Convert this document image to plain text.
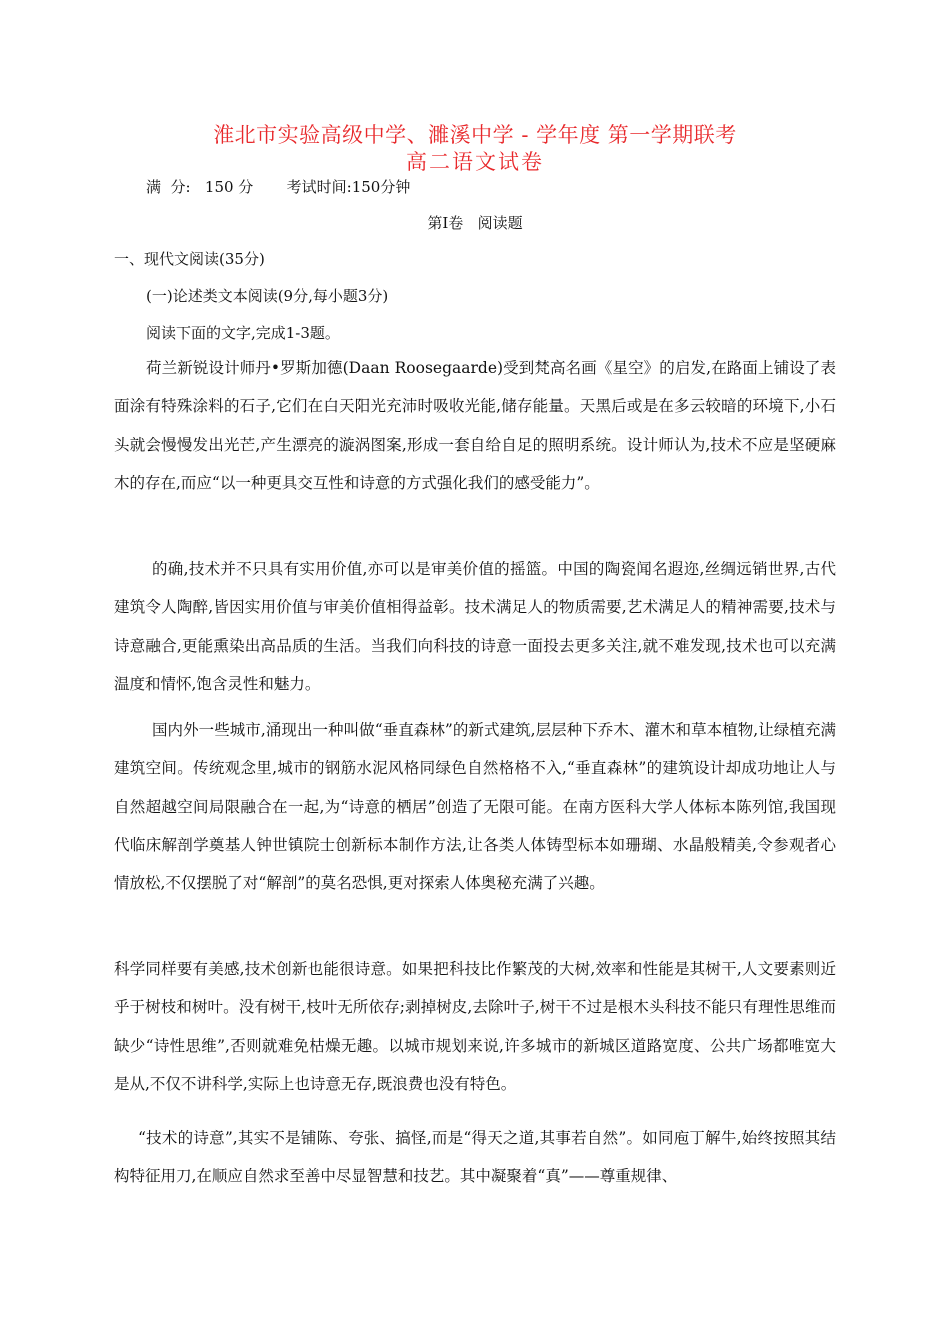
淮北市实验高级中学、濉溪中学 - 学年度 第一学期联考
高二语文试卷
满  分:   150 分       考试时间:150分钟
第Ⅰ卷   阅读题
一、现代文阅读(35分)
(一)论述类文本阅读(9分,每小题3分)
阅读下面的文字,完成1-3题。

荷兰新锐设计师丹•罗斯加德(Daan Roosegaarde)受到梵高名画《星空》的启发,在路面上铺设了表面涂有特殊涂料的石子,它们在白天阳光充沛时吸收光能,储存能量。天黑后或是在多云较暗的环境下,小石头就会慢慢发出光芒,产生漂亮的漩涡图案,形成一套自给自足的照明系统。设计师认为,技术不应是坚硬麻木的存在,而应“以一种更具交互性和诗意的方式强化我们的感受能力”。

的确,技术并不只具有实用价值,亦可以是审美价值的摇篮。中国的陶瓷闻名遐迩,丝绸远销世界,古代建筑令人陶醉,皆因实用价值与审美价值相得益彰。技术满足人的物质需要,艺术满足人的精神需要,技术与诗意融合,更能熏染出高品质的生活。当我们向科技的诗意一面投去更多关注,就不难发现,技术也可以充满温度和情怀,饱含灵性和魅力。

国内外一些城市,涌现出一种叫做“垂直森林”的新式建筑,层层种下乔木、灌木和草本植物,让绿植充满建筑空间。传统观念里,城市的钢筋水泥风格同绿色自然格格不入,“垂直森林”的建筑设计却成功地让人与自然超越空间局限融合在一起,为“诗意的栖居”创造了无限可能。在南方医科大学人体标本陈列馆,我国现代临床解剖学奠基人钟世镇院士创新标本制作方法,让各类人体铸型标本如珊瑚、水晶般精美,令参观者心情放松,不仅摆脱了对“解剖”的莫名恐惧,更对探索人体奥秘充满了兴趣。

科学同样要有美感,技术创新也能很诗意。如果把科技比作繁茂的大树,效率和性能是其树干,人文要素则近乎于树枝和树叶。没有树干,枝叶无所依存;剥掉树皮,去除叶子,树干不过是根木头科技不能只有理性思维而缺少“诗性思维”,否则就难免枯燥无趣。以城市规划来说,许多城市的新城区道路宽度、公共广场都唯宽大是从,不仅不讲科学,实际上也诗意无存,既浪费也没有特色。

“技术的诗意”,其实不是铺陈、夸张、搞怪,而是“得天之道,其事若自然”。如同庖丁解牛,始终按照其结构特征用刀,在顺应自然求至善中尽显智慧和技艺。其中凝聚着“真”——尊重规律、
